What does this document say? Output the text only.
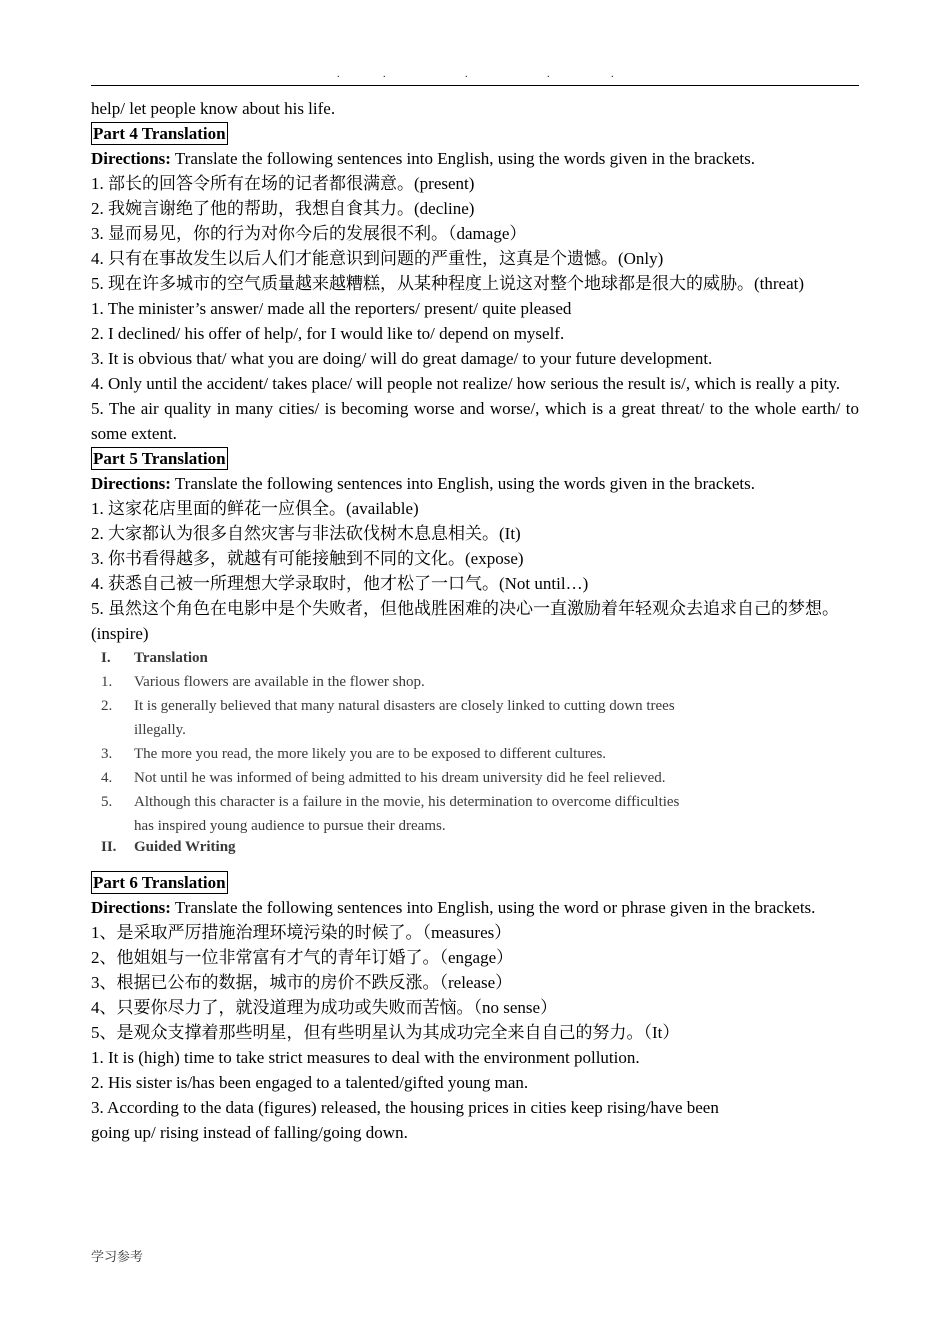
.	.	.	.	.

help/ let people know about his life.

Part 4 Translation

Directions: Translate the following sentences into English, using the words given in the brackets.

1. 部长的回答令所有在场的记者都很满意。(present)

2. 我婉言谢绝了他的帮助，我想自食其力。(decline)

3. 显而易见，你的行为对你今后的发展很不利。（damage）

4. 只有在事故发生以后人们才能意识到问题的严重性，这真是个遗憾。(Only)

5. 现在许多城市的空气质量越来越糟糕，从某种程度上说这对整个地球都是很大的威胁。(threat)

1. The minister’s answer/ made all the reporters/ present/ quite pleased

2. I declined/ his offer of help/, for I would like to/ depend on myself.

3. It is obvious that/ what you are doing/ will do great damage/ to your future development.

4. Only until the accident/ takes place/ will people not realize/ how serious the result is/, which is really a pity.

5. The air quality in many cities/ is becoming worse and worse/, which is a great threat/ to the whole earth/ to some extent.

Part 5 Translation

Directions: Translate the following sentences into English, using the words given in the brackets.

1. 这家花店里面的鲜花一应俱全。(available)

2. 大家都认为很多自然灾害与非法砍伐树木息息相关。(It)

3. 你书看得越多，就越有可能接触到不同的文化。(expose)

4. 获悉自己被一所理想大学录取时，他才松了一口气。(Not until…)

5. 虽然这个角色在电影中是个失败者，但他战胜困难的决心一直激励着年轻观众去追求自己的梦想。(inspire)

I.	Translation
1.	Various flowers are available in the flower shop.
2.	It is generally believed that many natural disasters are closely linked to cutting down trees
illegally.
3.	The more you read, the more likely you are to be exposed to different cultures.
4.	Not until he was informed of being admitted to his dream university did he feel relieved.
5.	Although this character is a failure in the movie, his determination to overcome difficulties
has inspired young audience to pursue their dreams.
II.	Guided Writing
Part 6 Translation

Directions: Translate the following sentences into English, using the word or phrase given in the brackets.

1、是采取严厉措施治理环境污染的时候了。（measures）

2、他姐姐与一位非常富有才气的青年订婚了。（engage）

3、根据已公布的数据，城市的房价不跌反涨。（release）

4、只要你尽力了，就没道理为成功或失败而苦恼。（no sense）

5、是观众支撑着那些明星，但有些明星认为其成功完全来自自己的努力。（It）

1. It is (high) time to take strict measures to deal with the environment pollution.

2. His sister is/has been engaged to a talented/gifted young man.

3. According to the data (figures) released, the housing prices in cities keep rising/have been

going up/ rising instead of falling/going down.

学习参考
